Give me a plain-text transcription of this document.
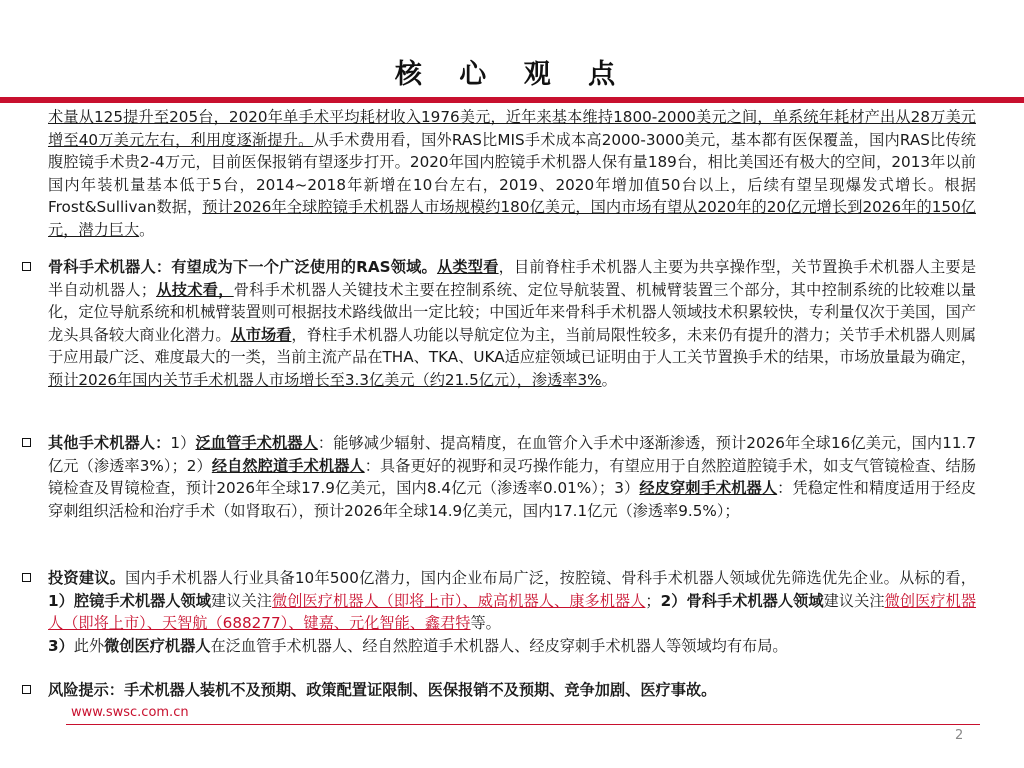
核 心 观 点

术量从125提升至205台，2020年单手术平均耗材收入1976美元，近年来基本维持1800-2000美元之间，单系统年耗材产出从28万美元增至40万美元左右，利用度逐渐提升。从手术费用看，国外RAS比MIS手术成本高2000-3000美元，基本都有医保覆盖，国内RAS比传统腹腔镜手术贵2-4万元，目前医保报销有望逐步打开。2020年国内腔镜手术机器人保有量189台，相比美国还有极大的空间，2013年以前国内年装机量基本低于5台，2014~2018年新增在10台左右，2019、2020年增加值50台以上，后续有望呈现爆发式增长。根据Frost&Sullivan数据，预计2026年全球腔镜手术机器人市场规模约180亿美元，国内市场有望从2020年的20亿元增长到2026年的150亿元，潜力巨大。

骨科手术机器人：有望成为下一个广泛使用的RAS领域。从类型看，目前脊柱手术机器人主要为共享操作型，关节置换手术机器人主要是半自动机器人；从技术看，骨科手术机器人关键技术主要在控制系统、定位导航装置、机械臂装置三个部分，其中控制系统的比较难以量化，定位导航系统和机械臂装置则可根据技术路线做出一定比较；中国近年来骨科手术机器人领域技术积累较快，专利量仅次于美国，国产龙头具备较大商业化潜力。从市场看，脊柱手术机器人功能以导航定位为主，当前局限性较多，未来仍有提升的潜力；关节手术机器人则属于应用最广泛、难度最大的一类，当前主流产品在THA、TKA、UKA适应症领域已证明由于人工关节置换手术的结果，市场放量最为确定，预计2026年国内关节手术机器人市场增长至3.3亿美元（约21.5亿元），渗透率3%。

其他手术机器人：1）泛血管手术机器人：能够减少辐射、提高精度，在血管介入手术中逐渐渗透，预计2026年全球16亿美元，国内11.7亿元（渗透率3%）；2）经自然腔道手术机器人：具备更好的视野和灵巧操作能力，有望应用于自然腔道腔镜手术，如支气管镜检查、结肠镜检查及胃镜检查，预计2026年全球17.9亿美元，国内8.4亿元（渗透率0.01%）；3）经皮穿刺手术机器人：凭稳定性和精度适用于经皮穿刺组织活检和治疗手术（如肾取石），预计2026年全球14.9亿美元，国内17.1亿元（渗透率9.5%）；

投资建议。国内手术机器人行业具备10年500亿潜力，国内企业布局广泛，按腔镜、骨科手术机器人领域优先筛选优先企业。从标的看，1）腔镜手术机器人领域建议关注微创医疗机器人（即将上市）、威高机器人、康多机器人；2）骨科手术机器人领域建议关注微创医疗机器人（即将上市）、天智航（688277）、键嘉、元化智能、鑫君特等。
3）此外微创医疗机器人在泛血管手术机器人、经自然腔道手术机器人、经皮穿刺手术机器人等领域均有布局。

风险提示：手术机器人装机不及预期、政策配置证限制、医保报销不及预期、竞争加剧、医疗事故。

www.swsc.com.cn
2
